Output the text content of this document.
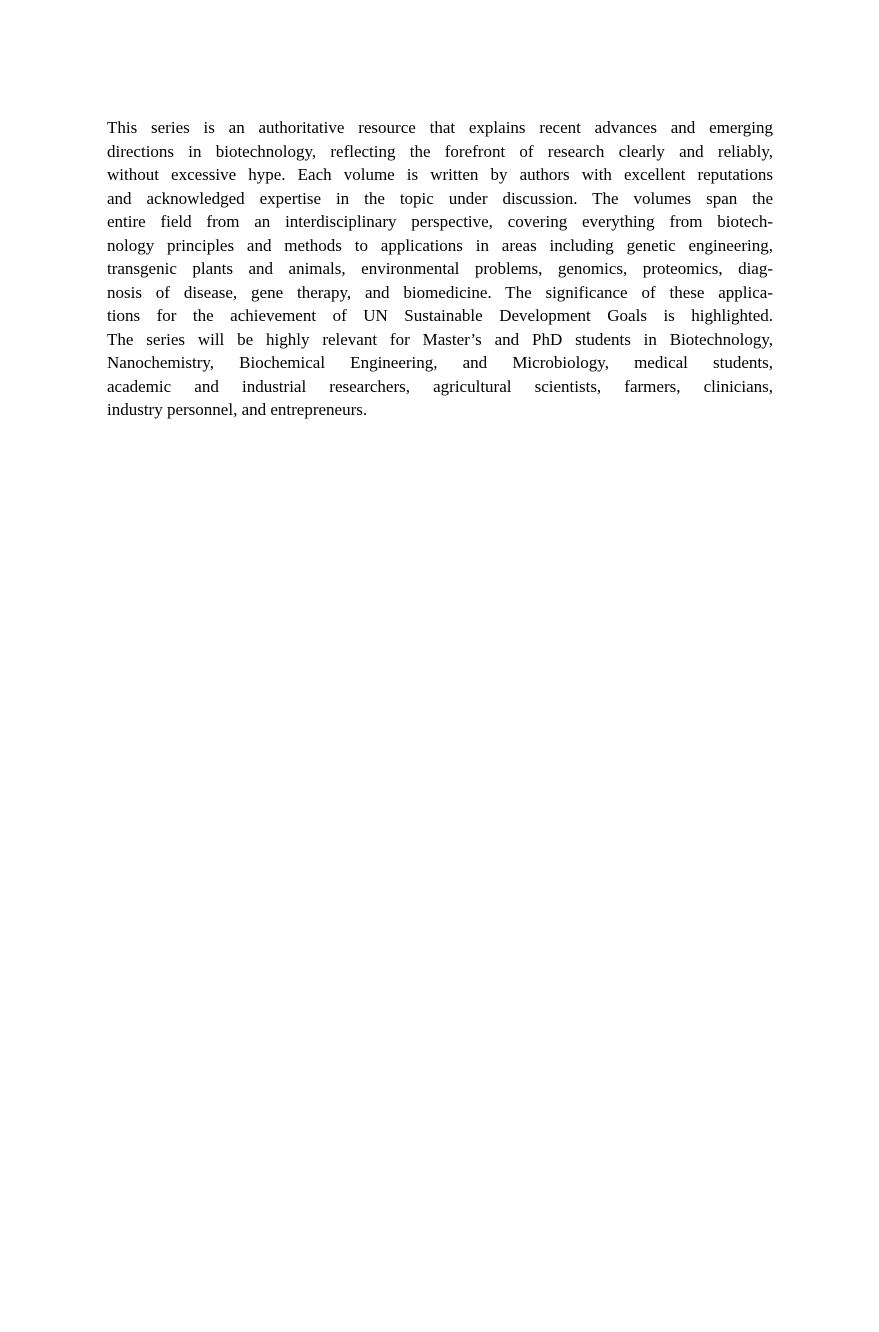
This series is an authoritative resource that explains recent advances and emerging
directions in biotechnology, reflecting the forefront of research clearly and reliably,
without excessive hype. Each volume is written by authors with excellent reputations
and acknowledged expertise in the topic under discussion. The volumes span the
entire field from an interdisciplinary perspective, covering everything from biotech-
nology principles and methods to applications in areas including genetic engineering,
transgenic plants and animals, environmental problems, genomics, proteomics, diag-
nosis of disease, gene therapy, and biomedicine. The significance of these applica-
tions for the achievement of UN Sustainable Development Goals is highlighted.
The series will be highly relevant for Master’s and PhD students in Biotechnology,
Nanochemistry, Biochemical Engineering, and Microbiology, medical students,
academic and industrial researchers, agricultural scientists, farmers, clinicians,
industry personnel, and entrepreneurs.
